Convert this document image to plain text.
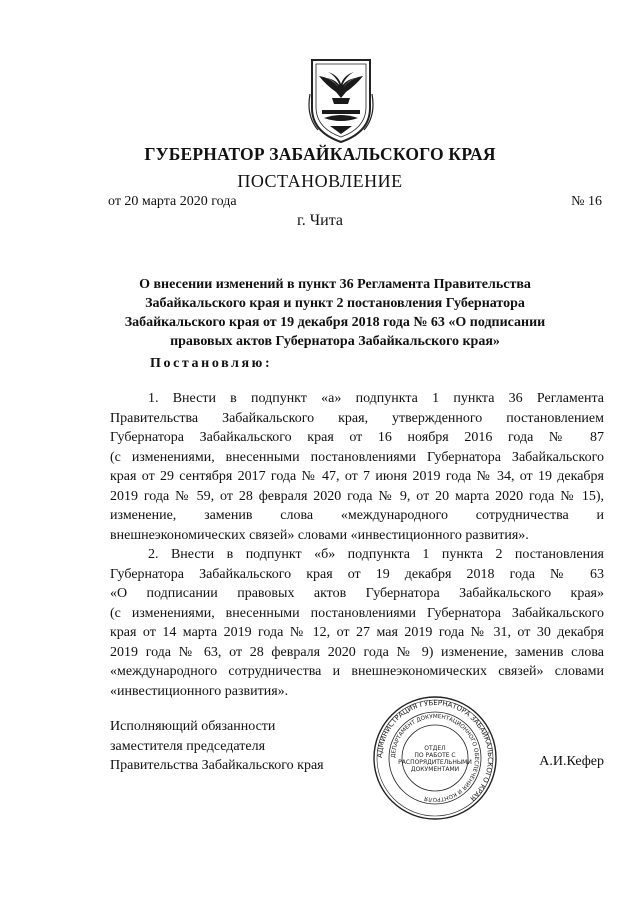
ГУБЕРНАТОР ЗАБАЙКАЛЬСКОГО КРАЯ
ПОСТАНОВЛЕНИЕ
от 20 марта 2020 года	№ 16
г. Чита
О внесении изменений в пункт 36 Регламента Правительства
Забайкальского края и пункт 2 постановления Губернатора
Забайкальского края от 19 декабря 2018 года № 63 «О подписании
правовых актов Губернатора Забайкальского края»
Постановляю:
1. Внести в подпункт «а» подпункта 1 пункта 36 Регламента
Правительства Забайкальского края, утвержденного постановлением
Губернатора Забайкальского края от 16 ноября 2016 года № 87
(с изменениями, внесенными постановлениями Губернатора Забайкальского
края от 29 сентября 2017 года № 47, от 7 июня 2019 года № 34, от 19 декабря
2019 года № 59, от 28 февраля 2020 года № 9, от 20 марта 2020 года № 15),
изменение, заменив слова «международного сотрудничества и
внешнеэкономических связей» словами «инвестиционного развития».
2. Внести в подпункт «б» подпункта 1 пункта 2 постановления
Губернатора Забайкальского края от 19 декабря 2018 года № 63
«О подписании правовых актов Губернатора Забайкальского края»
(с изменениями, внесенными постановлениями Губернатора Забайкальского
края от 14 марта 2019 года № 12, от 27 мая 2019 года № 31, от 30 декабря
2019 года № 63, от 28 февраля 2020 года № 9) изменение, заменив слова
«международного сотрудничества и внешнеэкономических связей» словами
«инвестиционного развития».
Исполняющий обязанности
заместителя председателя
Правительства Забайкальского края
АДМИНИСТРАЦИЯ ГУБЕРНАТОРА ЗАБАЙКАЛЬСКОГО КРАЯ
ДЕПАРТАМЕНТ ДОКУМЕНТАЦИОННОГО ОБЕСПЕЧЕНИЯ И КОНТРОЛЯ
ОТДЕЛ
ПО РАБОТЕ С
РАСПОРЯДИТЕЛЬНЫМИ
ДОКУМЕНТАМИ
А.И.Кефер
